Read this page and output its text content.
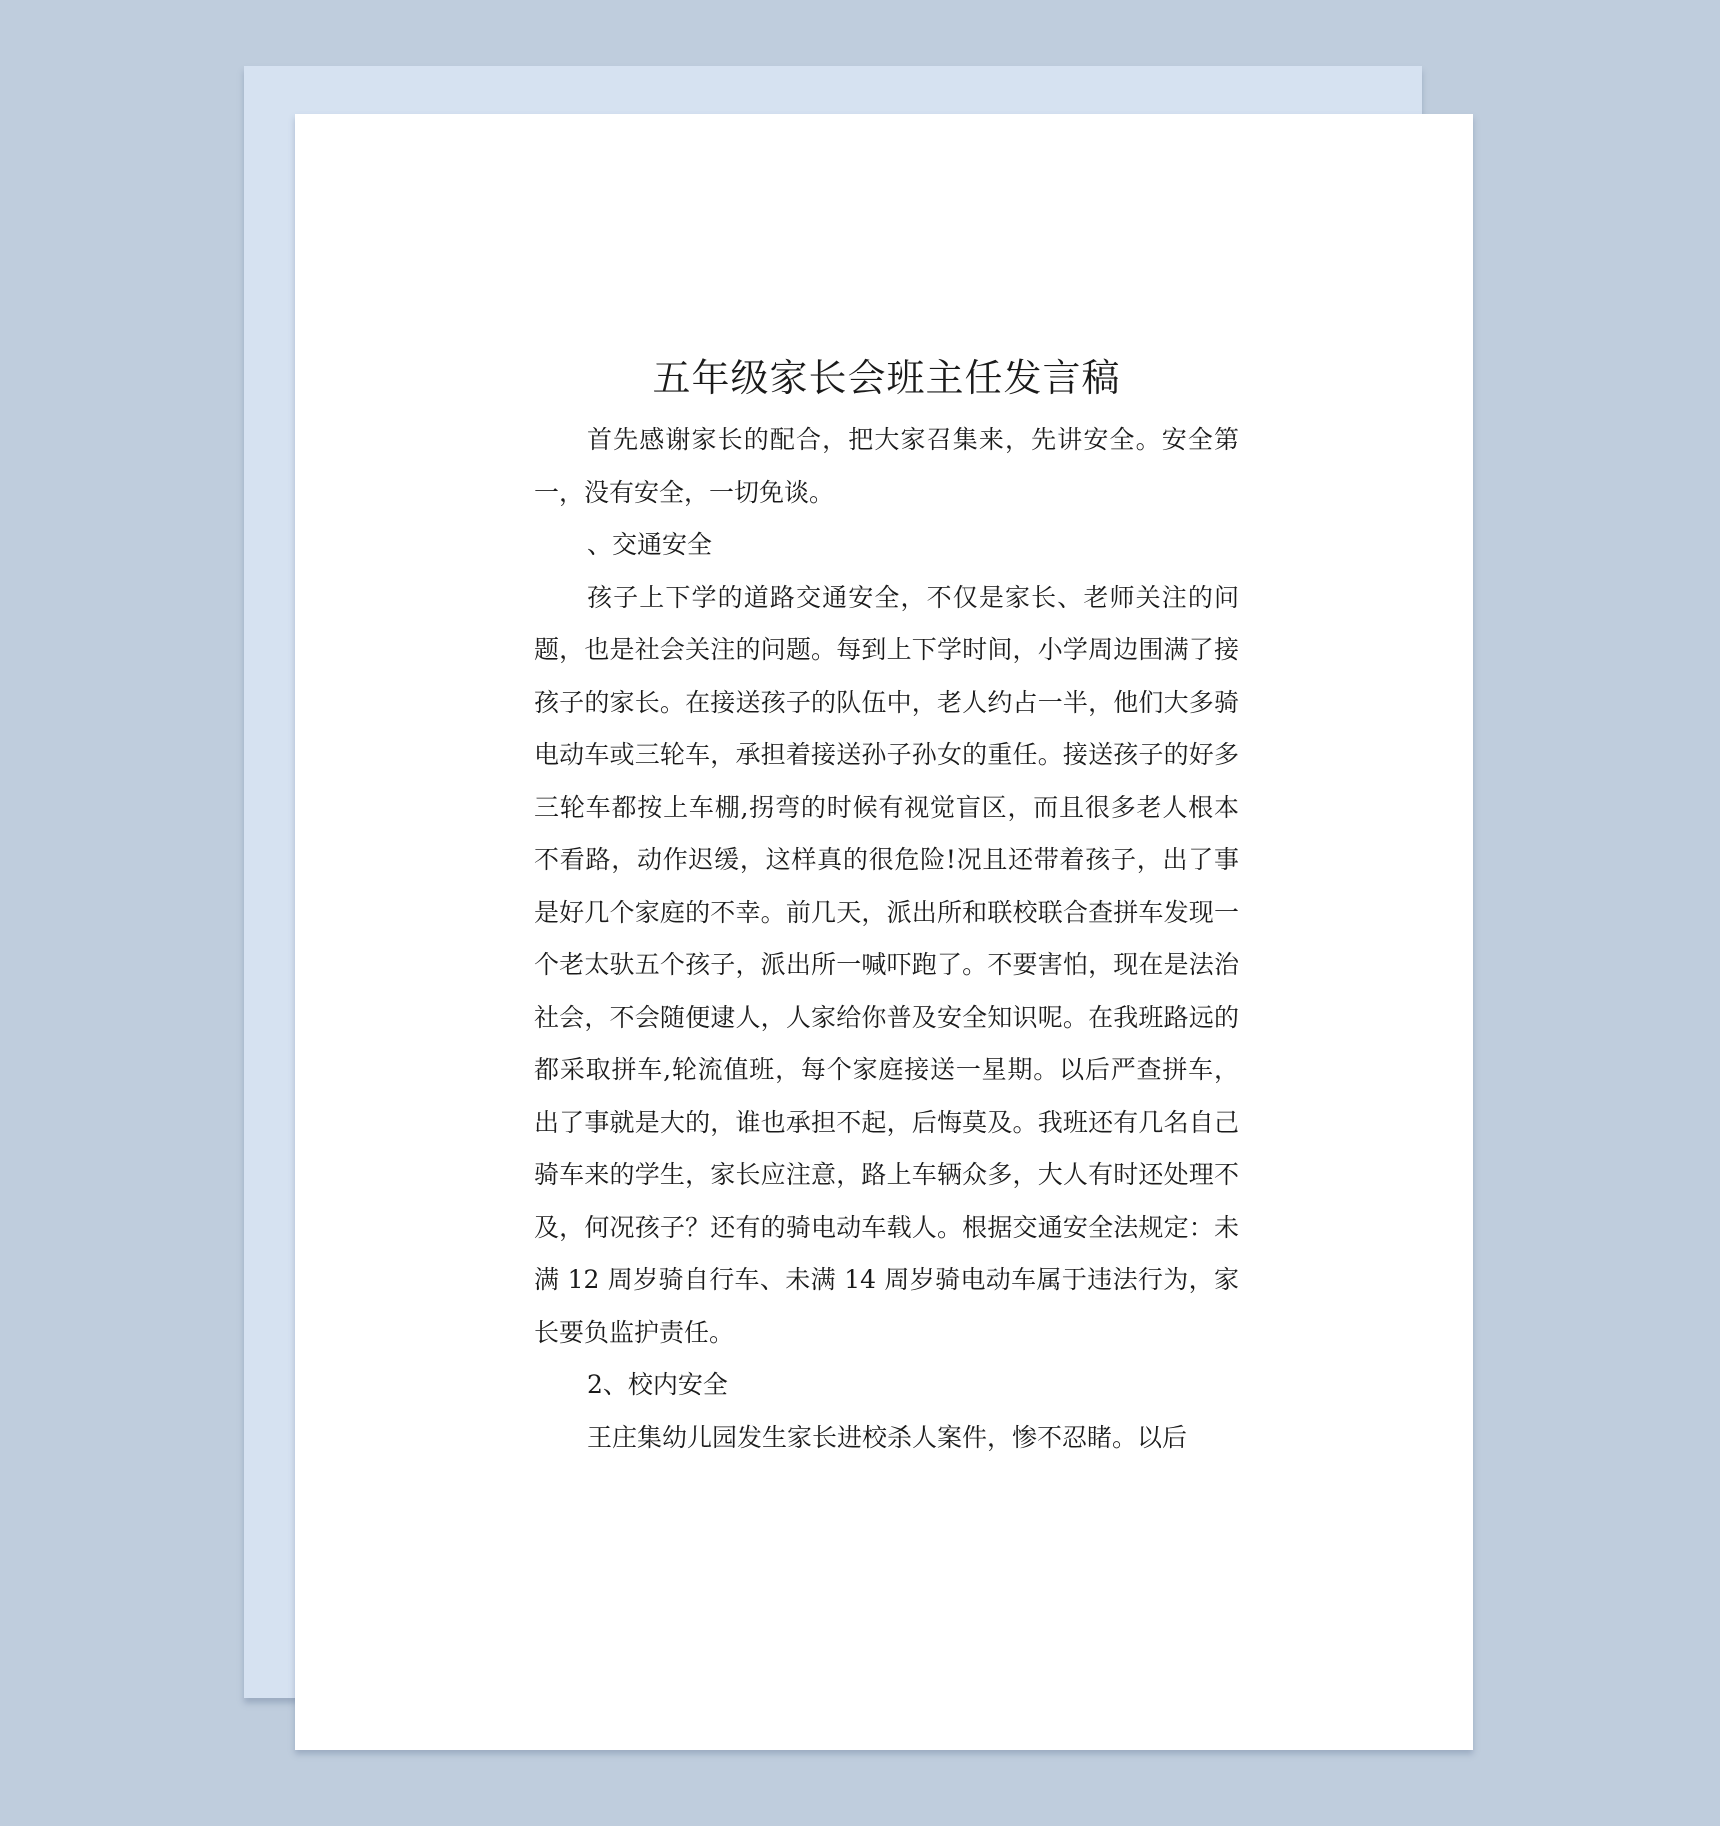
五年级家长会班主任发言稿

首先感谢家长的配合，把大家召集来，先讲安全。安全第一，没有安全，一切免谈。

、交通安全

孩子上下学的道路交通安全，不仅是家长、老师关注的问题，也是社会关注的问题。每到上下学时间，小学周边围满了接孩子的家长。在接送孩子的队伍中，老人约占一半，他们大多骑电动车或三轮车，承担着接送孙子孙女的重任。接送孩子的好多三轮车都按上车棚,拐弯的时候有视觉盲区，而且很多老人根本不看路，动作迟缓，这样真的很危险!况且还带着孩子，出了事是好几个家庭的不幸。前几天，派出所和联校联合查拼车发现一个老太驮五个孩子，派出所一喊吓跑了。不要害怕，现在是法治社会，不会随便逮人，人家给你普及安全知识呢。在我班路远的都采取拼车,轮流值班，每个家庭接送一星期。以后严查拼车，出了事就是大的，谁也承担不起，后悔莫及。我班还有几名自己骑车来的学生，家长应注意，路上车辆众多，大人有时还处理不及，何况孩子？还有的骑电动车载人。根据交通安全法规定：未满 12 周岁骑自行车、未满 14 周岁骑电动车属于违法行为，家长要负监护责任。

2、校内安全

王庄集幼儿园发生家长进校杀人案件，惨不忍睹。以后
